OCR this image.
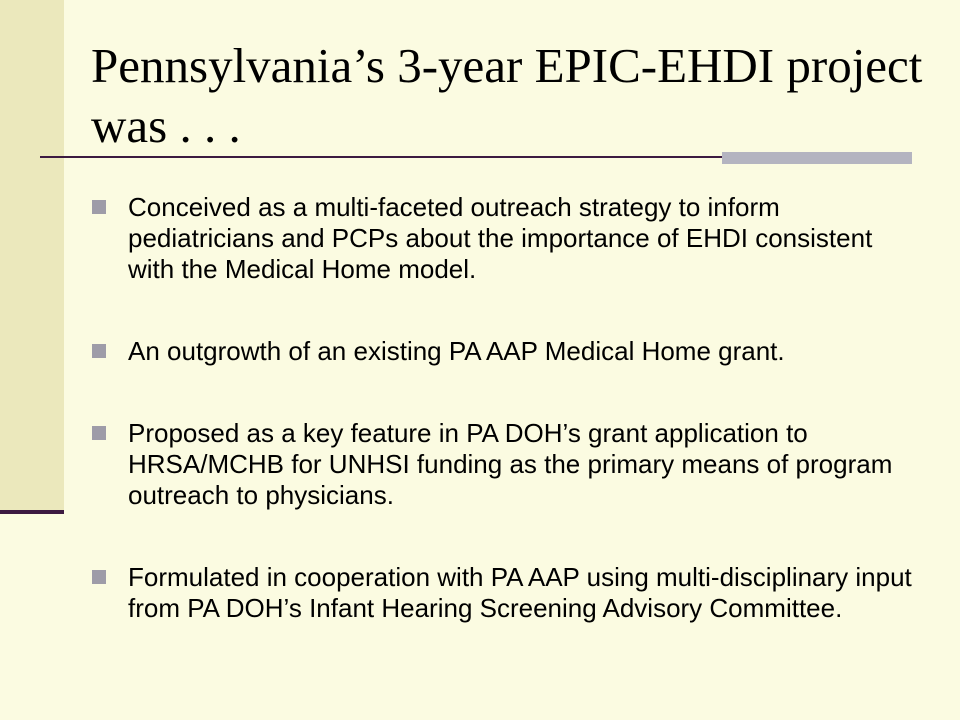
Pennsylvania’s 3-year EPIC-EHDI project was . . .
Conceived as a multi-faceted outreach strategy to inform pediatricians and PCPs about the importance of EHDI consistent with the Medical Home model.
An outgrowth of an existing PA AAP Medical Home grant.
Proposed as a key feature in PA DOH’s grant application to HRSA/MCHB for UNHSI funding as the primary means of program outreach to physicians.
Formulated in cooperation with PA AAP using multi-disciplinary input from PA DOH’s Infant Hearing Screening Advisory Committee.
